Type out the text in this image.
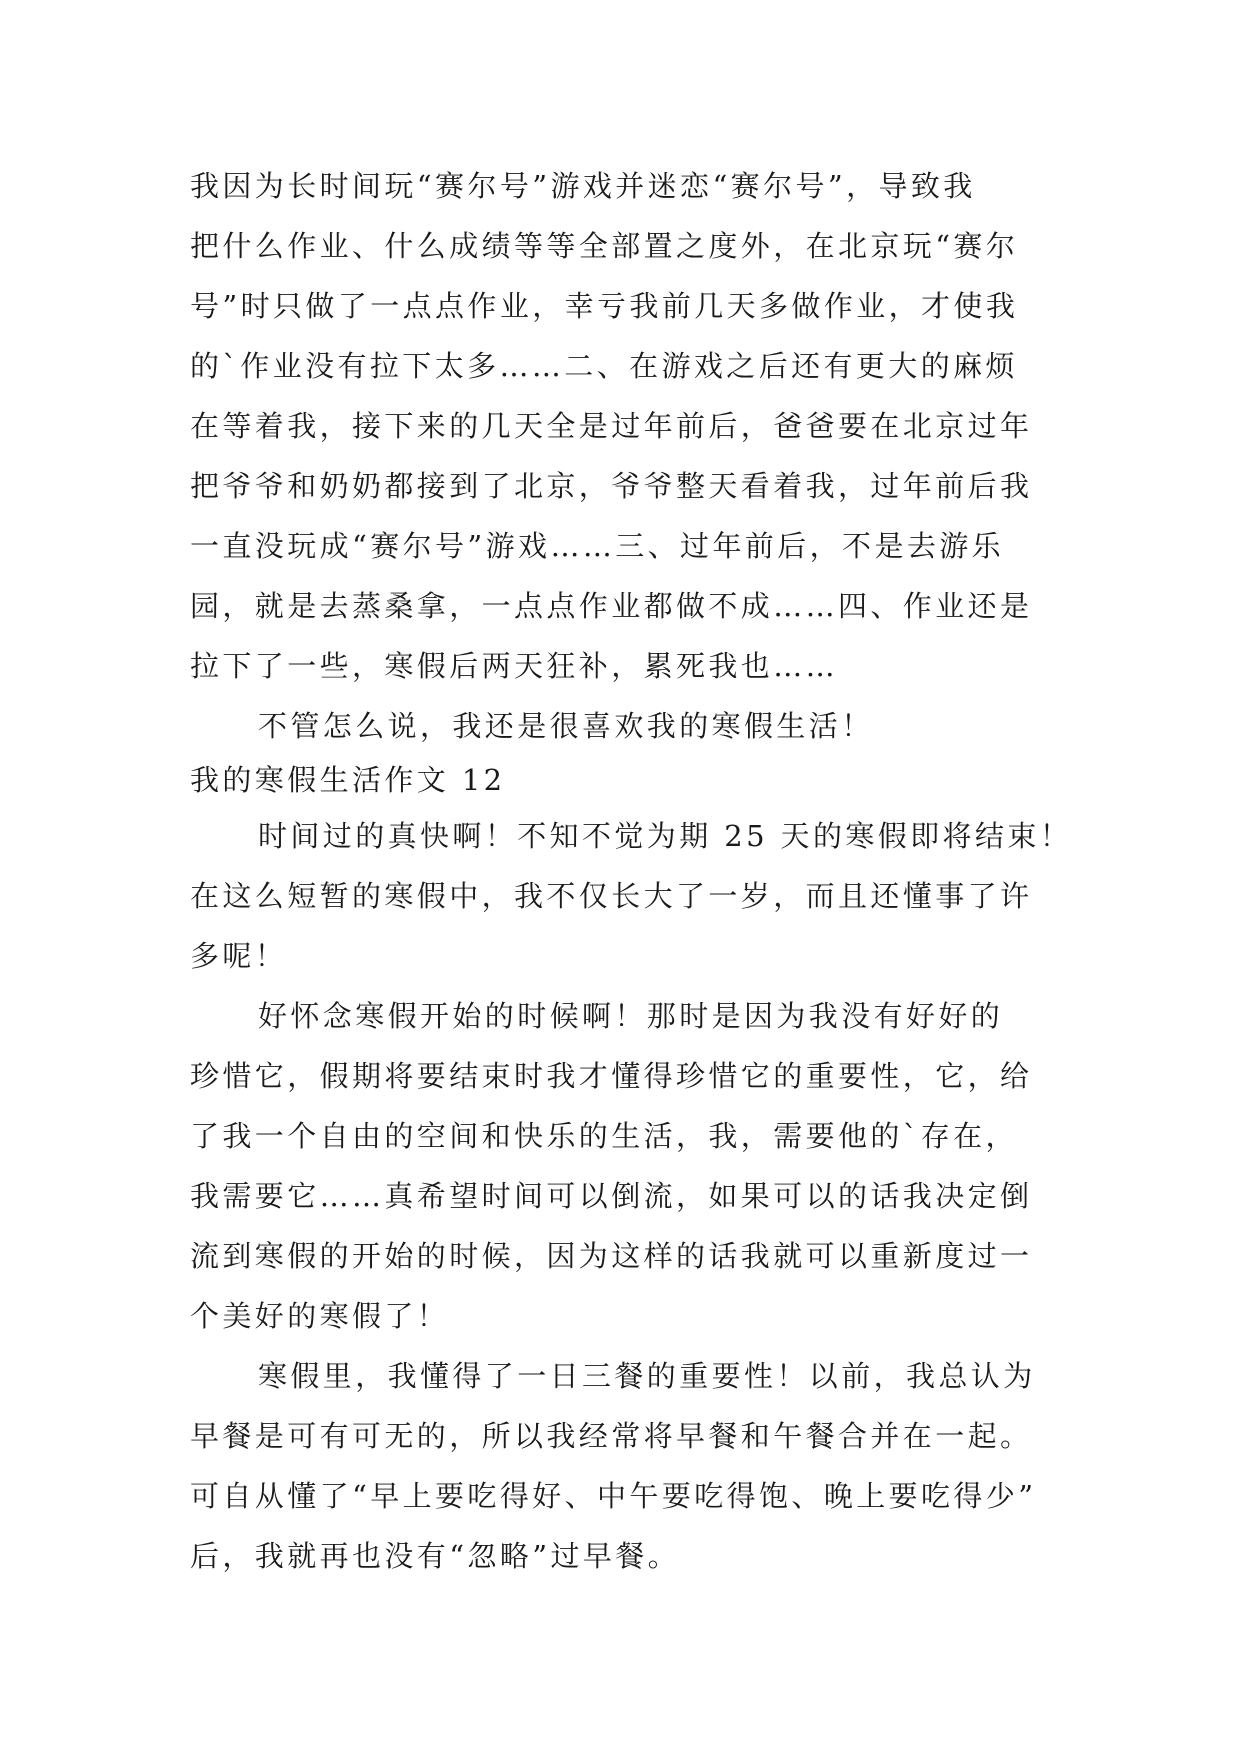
我因为长时间玩“赛尔号”游戏并迷恋“赛尔号”，导致我
把什么作业、什么成绩等等全部置之度外，在北京玩“赛尔
号”时只做了一点点作业，幸亏我前几天多做作业，才使我
的`作业没有拉下太多……二、在游戏之后还有更大的麻烦
在等着我，接下来的几天全是过年前后，爸爸要在北京过年
把爷爷和奶奶都接到了北京，爷爷整天看着我，过年前后我
一直没玩成“赛尔号”游戏……三、过年前后，不是去游乐
园，就是去蒸桑拿，一点点作业都做不成……四、作业还是
拉下了一些，寒假后两天狂补，累死我也……
不管怎么说，我还是很喜欢我的寒假生活！
我的寒假生活作文 12
时间过的真快啊！不知不觉为期 25 天的寒假即将结束！
在这么短暂的寒假中，我不仅长大了一岁，而且还懂事了许
多呢！
好怀念寒假开始的时候啊！那时是因为我没有好好的
珍惜它，假期将要结束时我才懂得珍惜它的重要性，它，给
了我一个自由的空间和快乐的生活，我，需要他的`存在，
我需要它……真希望时间可以倒流，如果可以的话我决定倒
流到寒假的开始的时候，因为这样的话我就可以重新度过一
个美好的寒假了！
寒假里，我懂得了一日三餐的重要性！以前，我总认为
早餐是可有可无的，所以我经常将早餐和午餐合并在一起。
可自从懂了“早上要吃得好、中午要吃得饱、晚上要吃得少”
后，我就再也没有“忽略”过早餐。
